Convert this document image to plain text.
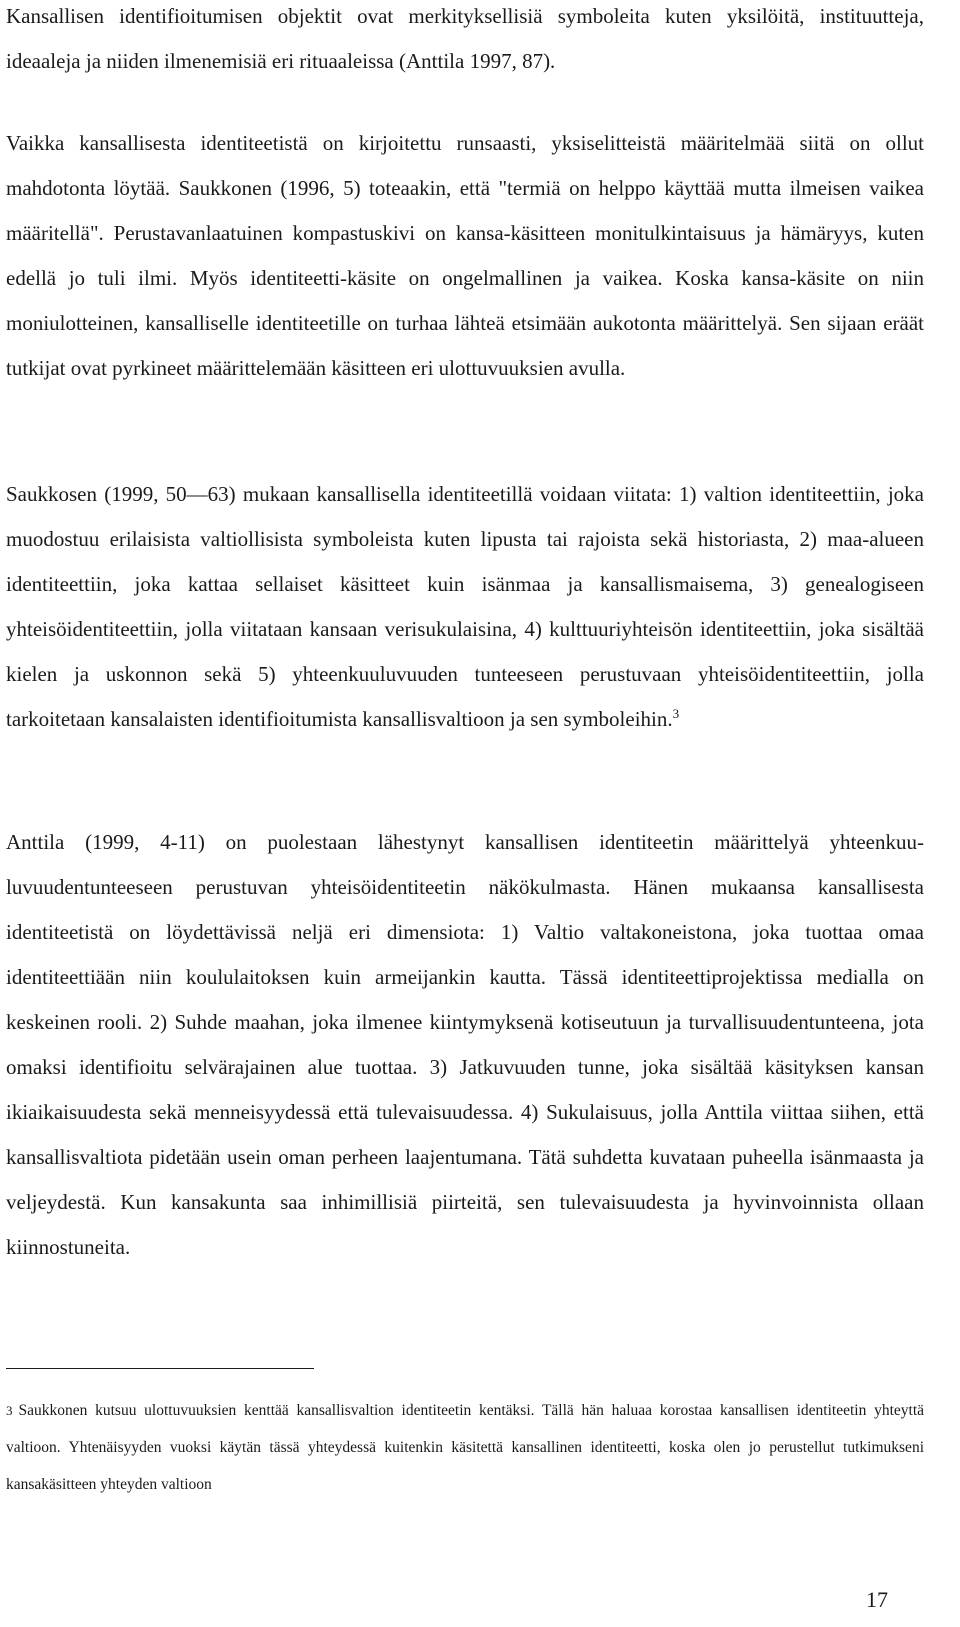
Kansallisen identifioitumisen objektit ovat merkityksellisiä symboleita kuten yksilöitä, instituutteja, ideaaleja ja niiden ilmenemisiä eri rituaaleissa (Anttila 1997, 87).

Vaikka kansallisesta identiteetistä on kirjoitettu runsaasti, yksiselitteistä määritelmää siitä on ollut mahdotonta löytää. Saukkonen (1996, 5) toteaakin, että "termiä on helppo käyttää mutta ilmeisen vaikea määritellä". Perustavanlaatuinen kompastuskivi on kansa-käsitteen monitulkintaisuus ja hämäryys, kuten edellä jo tuli ilmi. Myös identiteetti-käsite on ongelmallinen ja vaikea. Koska kansa-käsite on niin moniulotteinen, kansalliselle identiteetille on turhaa lähteä etsimään aukotonta määrittelyä. Sen sijaan eräät tutkijat ovat pyrkineet määrittelemään käsitteen eri ulottuvuuksien avulla.

Saukkosen (1999, 50—63) mukaan kansallisella identiteetillä voidaan viitata: 1) valtion identiteettiin, joka muodostuu erilaisista valtiollisista symboleista kuten lipusta tai rajoista sekä historiasta, 2) maa-alueen identiteettiin, joka kattaa sellaiset käsitteet kuin isänmaa ja kansallismaisema, 3) genealogiseen yhteisöidentiteettiin, jolla viitataan kansaan verisukulaisina, 4) kulttuuriyhteisön identiteettiin, joka sisältää kielen ja uskonnon sekä 5) yhteenkuuluvuuden tunteeseen perustuvaan yhteisöidentiteettiin, jolla tarkoitetaan kansalaisten identifioitumista kansallisvaltioon ja sen symboleihin.$^3$

Anttila (1999, 4-11) on puolestaan lähestynyt kansallisen identiteetin määrittelyä yhteenkuuluvuudentunteeseen perustuvan yhteisöidentiteetin näkökulmasta. Hänen mukaansa kansallisesta identiteetistä on löydettävissä neljä eri dimensiota: 1) Valtio valtakoneistona, joka tuottaa omaa identiteettiään niin koululaitoksen kuin armeijankin kautta. Tässä identiteettiprojektissa medialla on keskeinen rooli. 2) Suhde maahan, joka ilmenee kiintymyksenä kotiseutuun ja turvallisuudentunteena, jota omaksi identifioitu selvärajainen alue tuottaa. 3) Jatkuvuuden tunne, joka sisältää käsityksen kansan ikiaikaisuudesta sekä menneisyydessä että tulevaisuudessa. 4) Sukulaisuus, jolla Anttila viittaa siihen, että kansallisvaltiota pidetään usein oman perheen laajentumana. Tätä suhdetta kuvataan puheella isänmaasta ja veljeydestä. Kun kansakunta saa inhimillisiä piirteitä, sen tulevaisuudesta ja hyvinvoinnista ollaan kiinnostuneita.

3 Saukkonen kutsuu ulottuvuuksien kenttää kansallisvaltion identiteetin kentäksi. Tällä hän haluaa korostaa kansallisen identiteetin yhteyttä valtioon. Yhtenäisyyden vuoksi käytän tässä yhteydessä kuitenkin käsitettä kansallinen identiteetti, koska olen jo perustellut tutkimukseni kansakäsitteen yhteyden valtioon

17
